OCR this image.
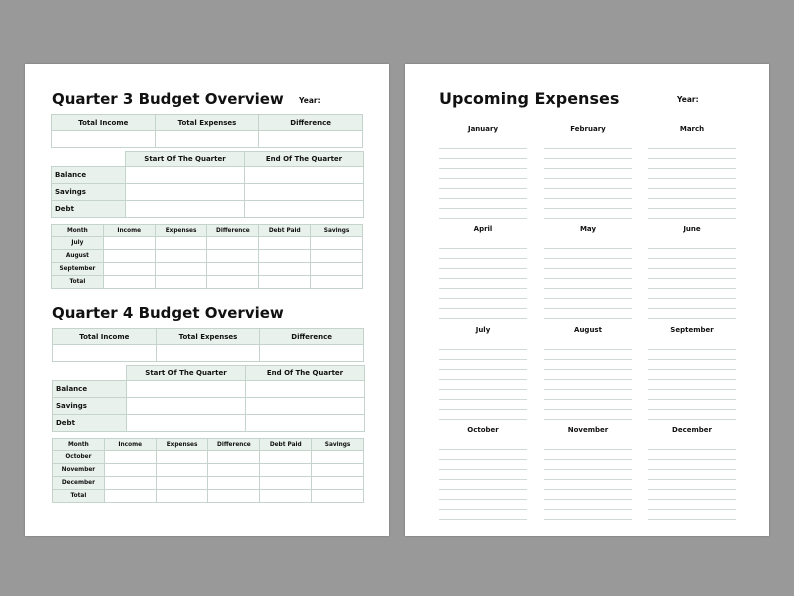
Quarter 3 Budget Overview Year:
Total Income	Total Expenses	Difference

	Start Of The Quarter	End Of The Quarter
Balance		
Savings		
Debt		
Month	Income	Expenses	Difference	Debt Paid	Savings
July					
August					
September					
Total					
Quarter 4 Budget Overview
Total Income	Total Expenses	Difference

	Start Of The Quarter	End Of The Quarter
Balance		
Savings		
Debt		
Month	Income	Expenses	Difference	Debt Paid	Savings
October					
November					
December					
Total					
Upcoming Expenses	Year:
January	February	March
April	May	June
July	August	September
October	November	December
